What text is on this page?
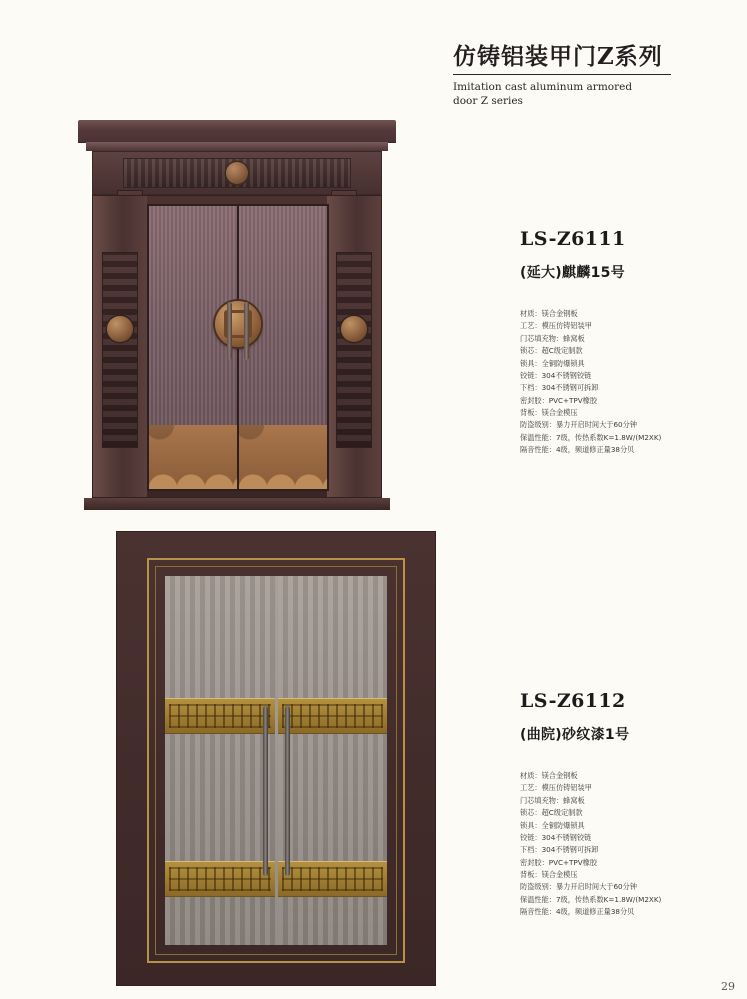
仿铸铝装甲门Z系列
Imitation cast aluminum armored door Z series
LS-Z6111
(延大)麒麟15号
材质：镁合金钢板
工艺：模压仿铸铝装甲
门芯填充物：蜂窝板
锁芯：超C级定制款
锁具：全铜防爆锁具
铰链：304不锈钢铰链
下档：304不锈钢可拆卸
密封胶：PVC+TPV橡胶
背板：镁合金模压
防盗级别：暴力开启时间大于60分钟
保温性能：7级，传热系数K=1.8W/(M2XK)
隔音性能：4级，频道修正量38分贝
LS-Z6112
(曲院)砂纹漆1号
材质：镁合金钢板
工艺：模压仿铸铝装甲
门芯填充物：蜂窝板
锁芯：超C级定制款
锁具：全铜防爆锁具
铰链：304不锈钢铰链
下档：304不锈钢可拆卸
密封胶：PVC+TPV橡胶
背板：镁合金模压
防盗级别：暴力开启时间大于60分钟
保温性能：7级，传热系数K=1.8W/(M2XK)
隔音性能：4级，频道修正量38分贝
29
